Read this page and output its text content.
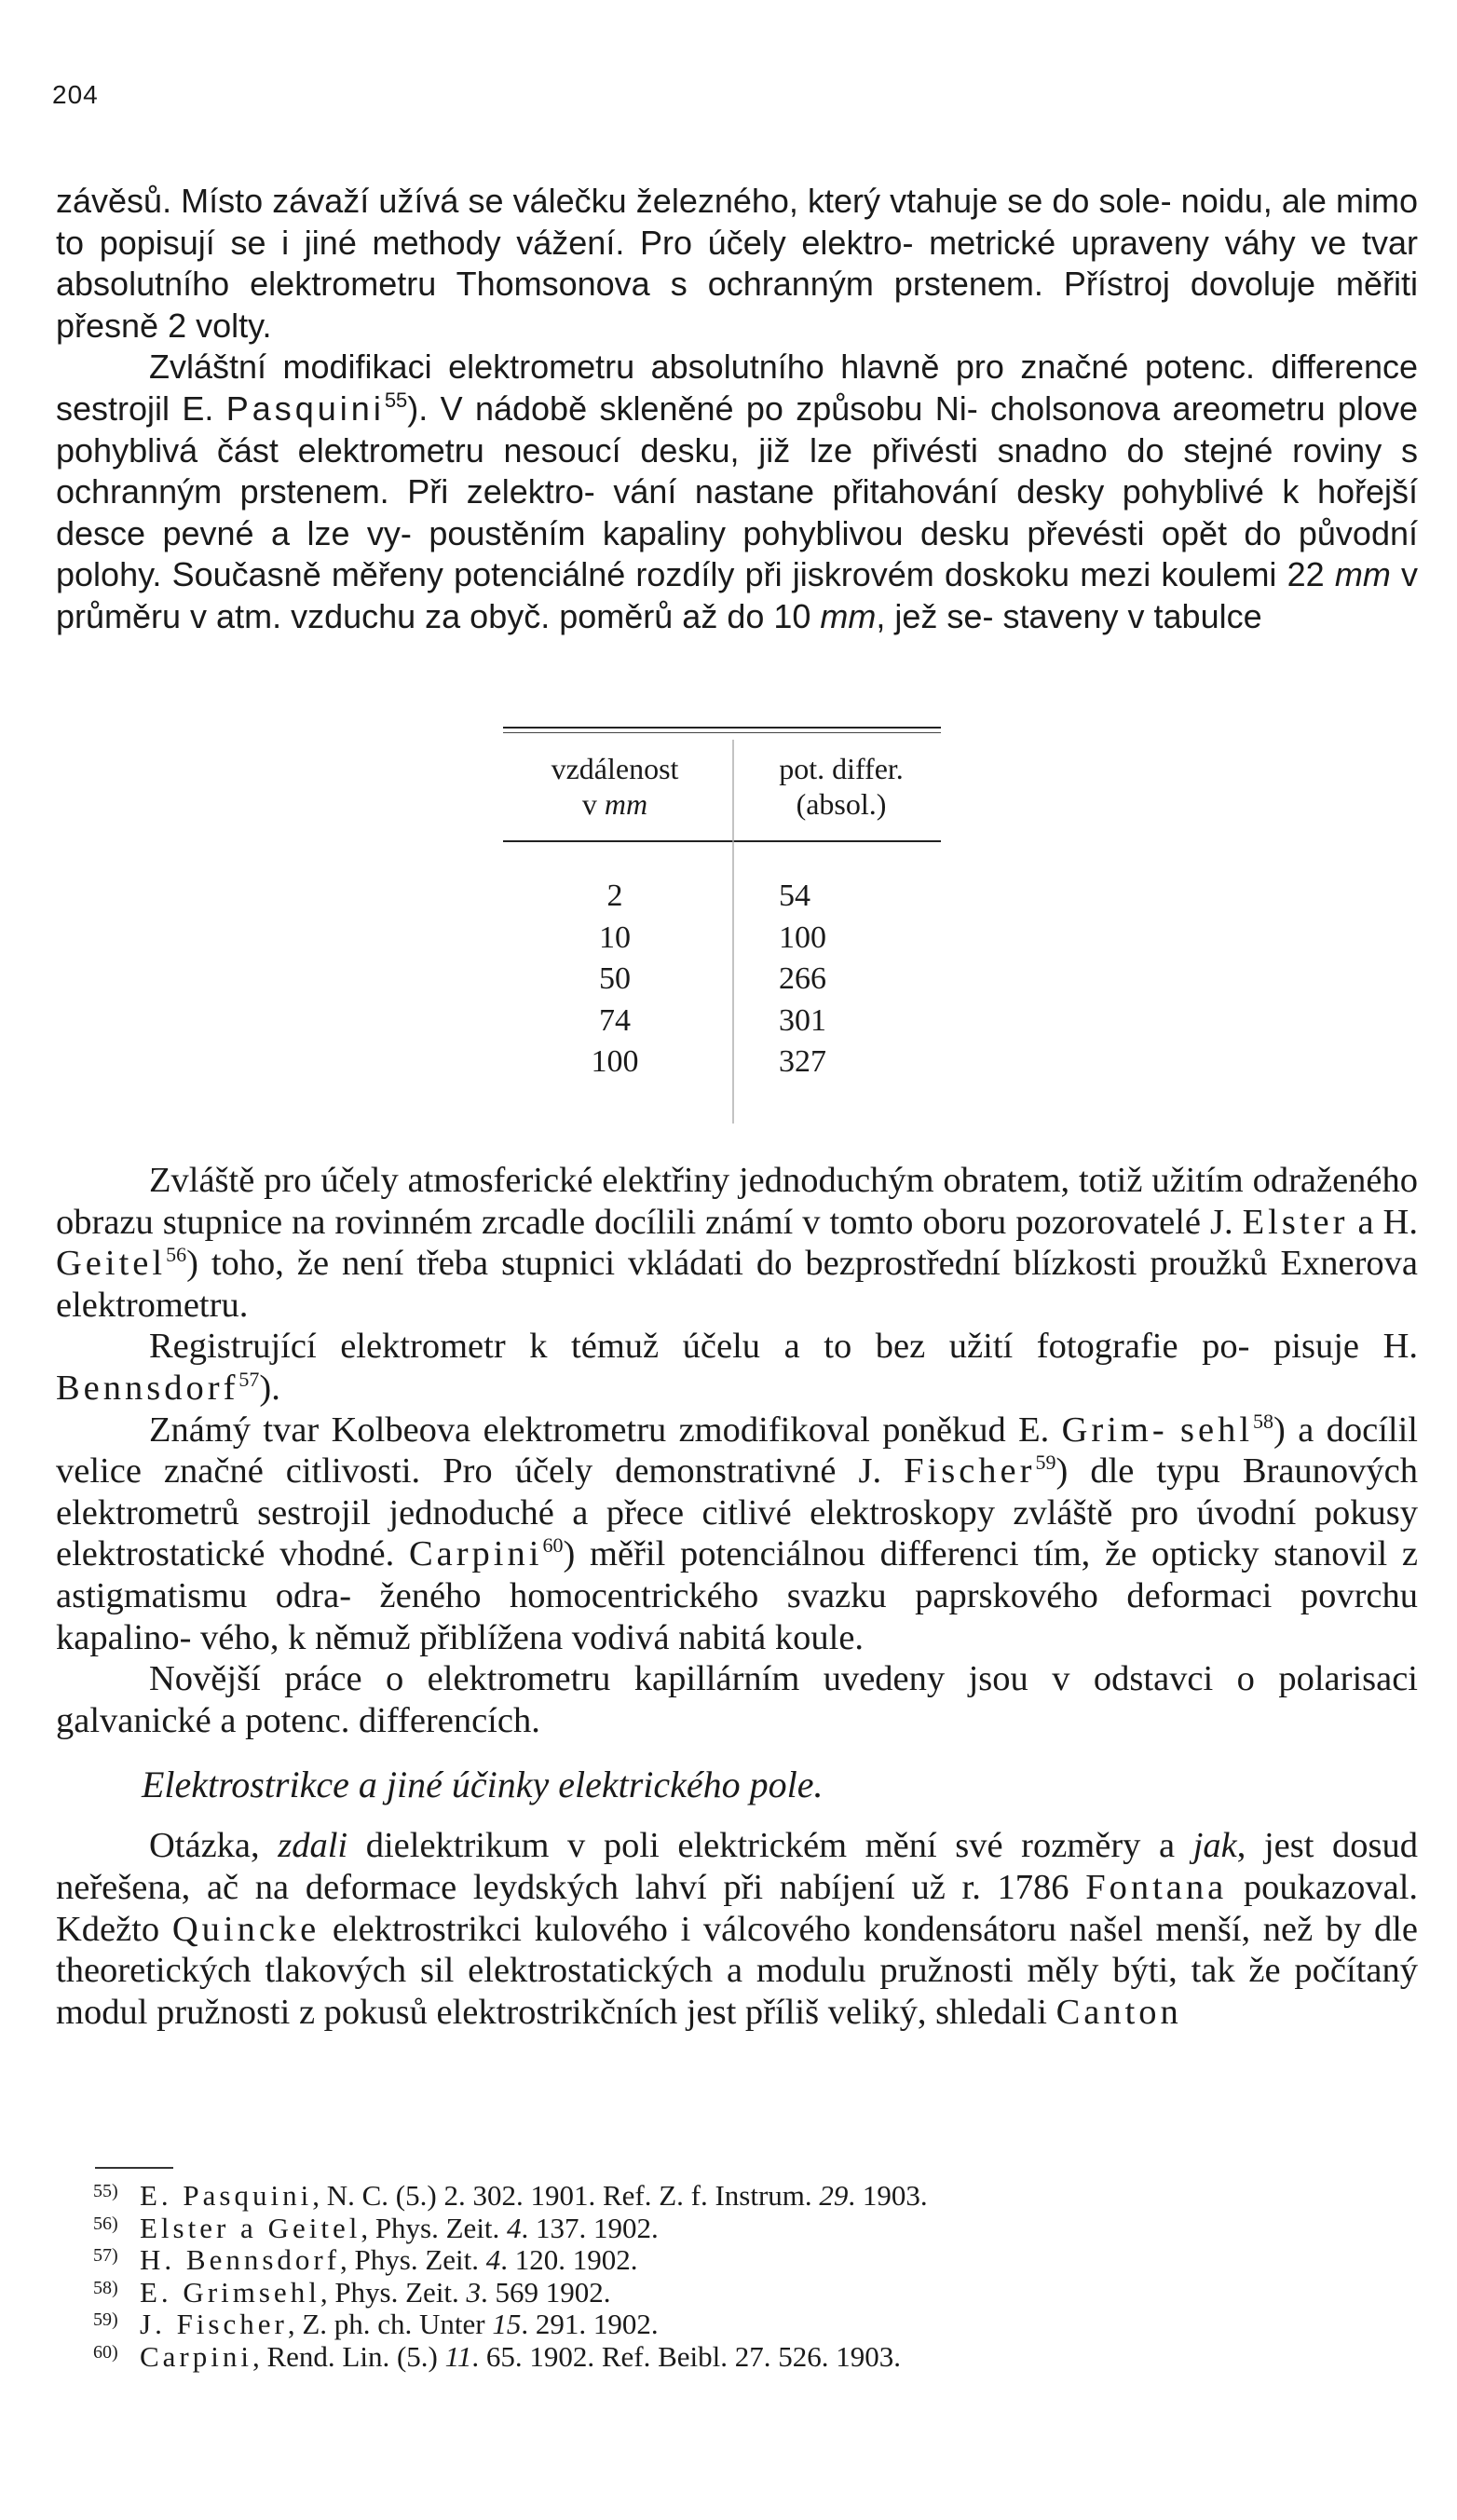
204

závěsů. Místo závaží užívá se válečku železného, který vtahuje se do sole- noidu, ale mimo to popisují se i jiné methody vážení. Pro účely elektro- metrické upraveny váhy ve tvar absolutního elektrometru Thomsonova s ochranným prstenem. Přístroj dovoluje měřiti přesně 2 volty.

Zvláštní modifikaci elektrometru absolutního hlavně pro značné potenc. difference sestrojil E. Pasquini$^{55}$). V nádobě skleněné po způsobu Ni- cholsonova areometru plove pohyblivá část elektrometru nesoucí desku, již lze přivésti snadno do stejné roviny s ochranným prstenem. Při zelektro- vání nastane přitahování desky pohyblivé k hořejší desce pevné a lze vy- poustěním kapaliny pohyblivou desku převésti opět do původní polohy. Současně měřeny potenciálné rozdíly při jiskrovém doskoku mezi koulemi 22 mm v průměru v atm. vzduchu za obyč. poměrů až do 10 mm, jež se- staveny v tabulce

vzdálenost
v mm
pot. differ.
(absol.)
2
10
50
74
100
54
100
266
301
327

Zvláště pro účely atmosferické elektřiny jednoduchým obratem, totiž užitím odraženého obrazu stupnice na rovinném zrcadle docílili známí v tomto oboru pozorovatelé J. Elster a H. Geitel$^{56}$) toho, že není třeba stupnici vkládati do bezprostřední blízkosti proužků Exnerova elektrometru.

Registrující elektrometr k témuž účelu a to bez užití fotografie po- pisuje H. Bennsdorf$^{57}$).

Známý tvar Kolbeova elektrometru zmodifikoval poněkud E. Grim- sehl$^{58}$) a docílil velice značné citlivosti. Pro účely demonstrativné J. Fischer$^{59}$) dle typu Braunových elektrometrů sestrojil jednoduché a přece citlivé elektroskopy zvláště pro úvodní pokusy elektrostatické vhodné. Carpini$^{60}$) měřil potenciálnou differenci tím, že opticky stanovil z astigmatismu odra- ženého homocentrického svazku paprskového deformaci povrchu kapalino- vého, k němuž přiblížena vodivá nabitá koule.

Novější práce o elektrometru kapillárním uvedeny jsou v odstavci o polarisaci galvanické a potenc. differencích.

Elektrostrikce a jiné účinky elektrického pole.

Otázka, zdali dielektrikum v poli elektrickém mění své rozměry a jak, jest dosud neřešena, ač na deformace leydských lahví při nabíjení už r. 1786 Fontana poukazoval. Kdežto Quincke elektrostrikci kulového i válcového kondensátoru našel menší, než by dle theoretických tlakových sil elektrostatických a modulu pružnosti měly býti, tak že počítaný modul pružnosti z pokusů elektrostrikčních jest příliš veliký, shledali Canton

55) E. Pasquini, N. C. (5.) 2. 302. 1901. Ref. Z. f. Instrum. 29. 1903.
56) Elster a Geitel, Phys. Zeit. 4. 137. 1902.
57) H. Bennsdorf, Phys. Zeit. 4. 120. 1902.
58) E. Grimsehl, Phys. Zeit. 3. 569 1902.
59) J. Fischer, Z. ph. ch. Unter 15. 291. 1902.
60) Carpini, Rend. Lin. (5.) 11. 65. 1902. Ref. Beibl. 27. 526. 1903.
